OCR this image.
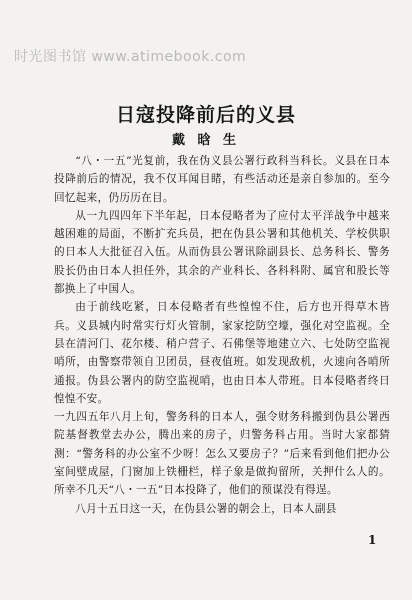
时光图书馆 www.atimebook.com
日寇投降前后的义县
戴 晗 生

“八・一五”光复前，我在伪义县公署行政科当科长。义县在日本投降前后的情况，我不仅耳闻目睹，有些活动还是亲自参加的。至今回忆起来，仍历历在目。

从一九四四年下半年起，日本侵略者为了应付太平洋战争中越来越困难的局面，不断扩充兵员，把在伪县公署和其他机关、学校供职的日本人大批征召入伍。从而伪县公署讯除副县长、总务科长、警务股长仍由日本人担任外，其余的产业科长、各科科附、属官和股长等都换上了中国人。

由于前线吃紧，日本侵略者有些惶惶不住，后方也开得草木皆兵。义县城内时常实行灯火管制，家家挖防空壕，强化对空监视。全县在清河门、花尔楼、稍户营子、石佛堡等地建立六、七处防空监视哨所，由警察带领自卫团员，昼夜值班。如发现敌机，火速向各哨所通报。伪县公署内的防空监视哨，也由日本人带班。日本侵略者终日惶惶不安。

一九四五年八月上旬，警务科的日本人，强令财务科搬到伪县公署西院基督教堂去办公，腾出来的房子，归警务科占用。当时大家都猜测：“警务科的办公室不少呀！怎么又要房子？”后来看到他们把办公室间壁成屋，门窗加上铁栅栏，样子象是做拘留所，关押什么人的。所幸不几天“八・一五”日本投降了，他们的预谋没有得逞。

八月十五日这一天，在伪县公署的朝会上，日本人副县

1
